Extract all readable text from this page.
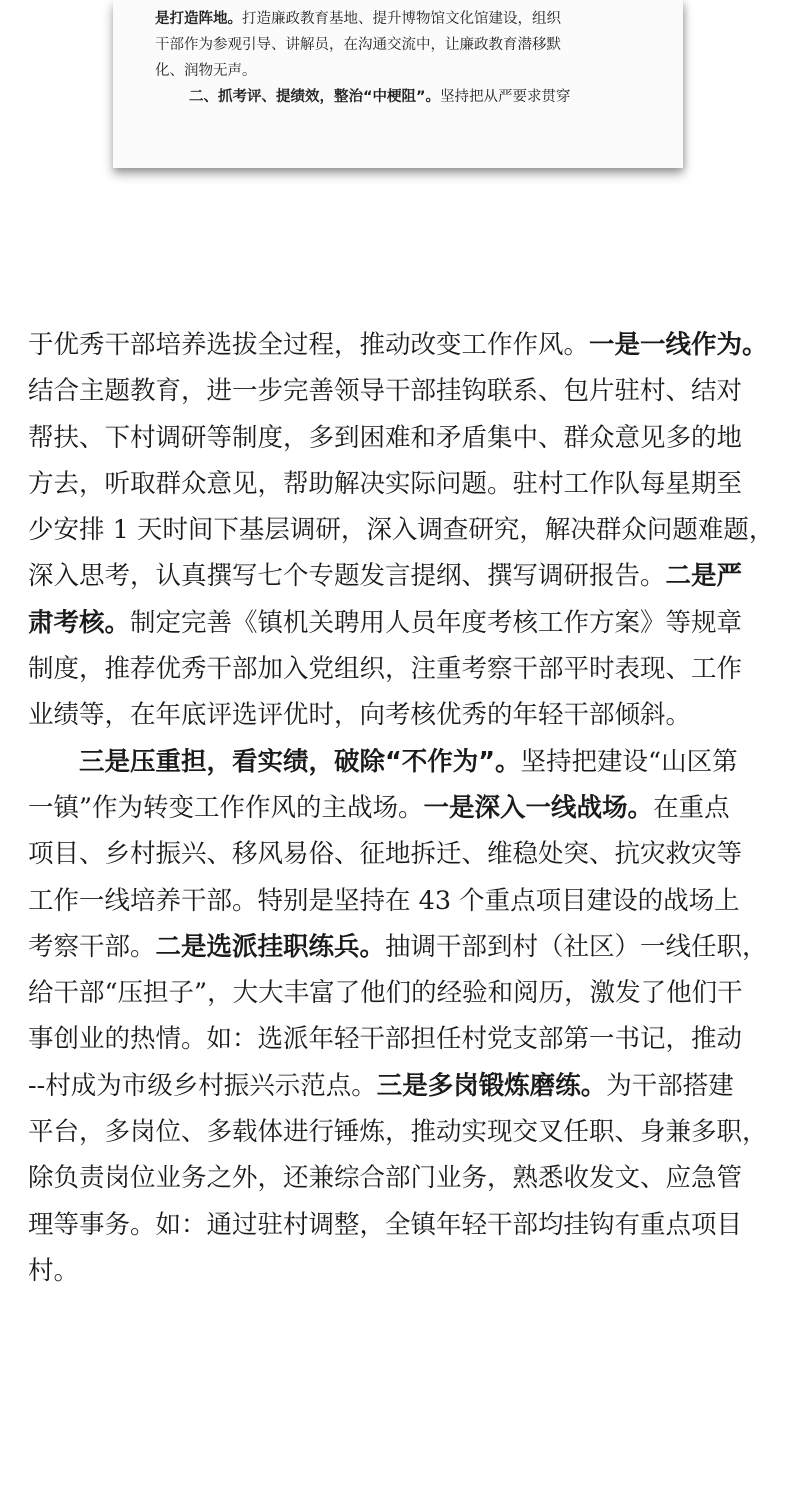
是打造阵地。打造廉政教育基地、提升博物馆文化馆建设，组织

干部作为参观引导、讲解员，在沟通交流中，让廉政教育潜移默

化、润物无声。

二、抓考评、提绩效，整治“中梗阻”。坚持把从严要求贯穿

于优秀干部培养选拔全过程，推动改变工作作风。一是一线作为。
结合主题教育，进一步完善领导干部挂钩联系、包片驻村、结对
帮扶、下村调研等制度，多到困难和矛盾集中、群众意见多的地
方去，听取群众意见，帮助解决实际问题。驻村工作队每星期至
少安排 1 天时间下基层调研，深入调查研究，解决群众问题难题，
深入思考，认真撰写七个专题发言提纲、撰写调研报告。二是严
肃考核。制定完善《镇机关聘用人员年度考核工作方案》等规章
制度，推荐优秀干部加入党组织，注重考察干部平时表现、工作
业绩等，在年底评选评优时，向考核优秀的年轻干部倾斜。
三是压重担，看实绩，破除“不作为”。坚持把建设“山区第
一镇”作为转变工作作风的主战场。一是深入一线战场。在重点
项目、乡村振兴、移风易俗、征地拆迁、维稳处突、抗灾救灾等
工作一线培养干部。特别是坚持在 43 个重点项目建设的战场上
考察干部。二是选派挂职练兵。抽调干部到村（社区）一线任职，
给干部“压担子”，大大丰富了他们的经验和阅历，激发了他们干
事创业的热情。如：选派年轻干部担任村党支部第一书记，推动
--村成为市级乡村振兴示范点。三是多岗锻炼磨练。为干部搭建
平台，多岗位、多载体进行锤炼，推动实现交叉任职、身兼多职，
除负责岗位业务之外，还兼综合部门业务，熟悉收发文、应急管
理等事务。如：通过驻村调整，全镇年轻干部均挂钩有重点项目
村。
